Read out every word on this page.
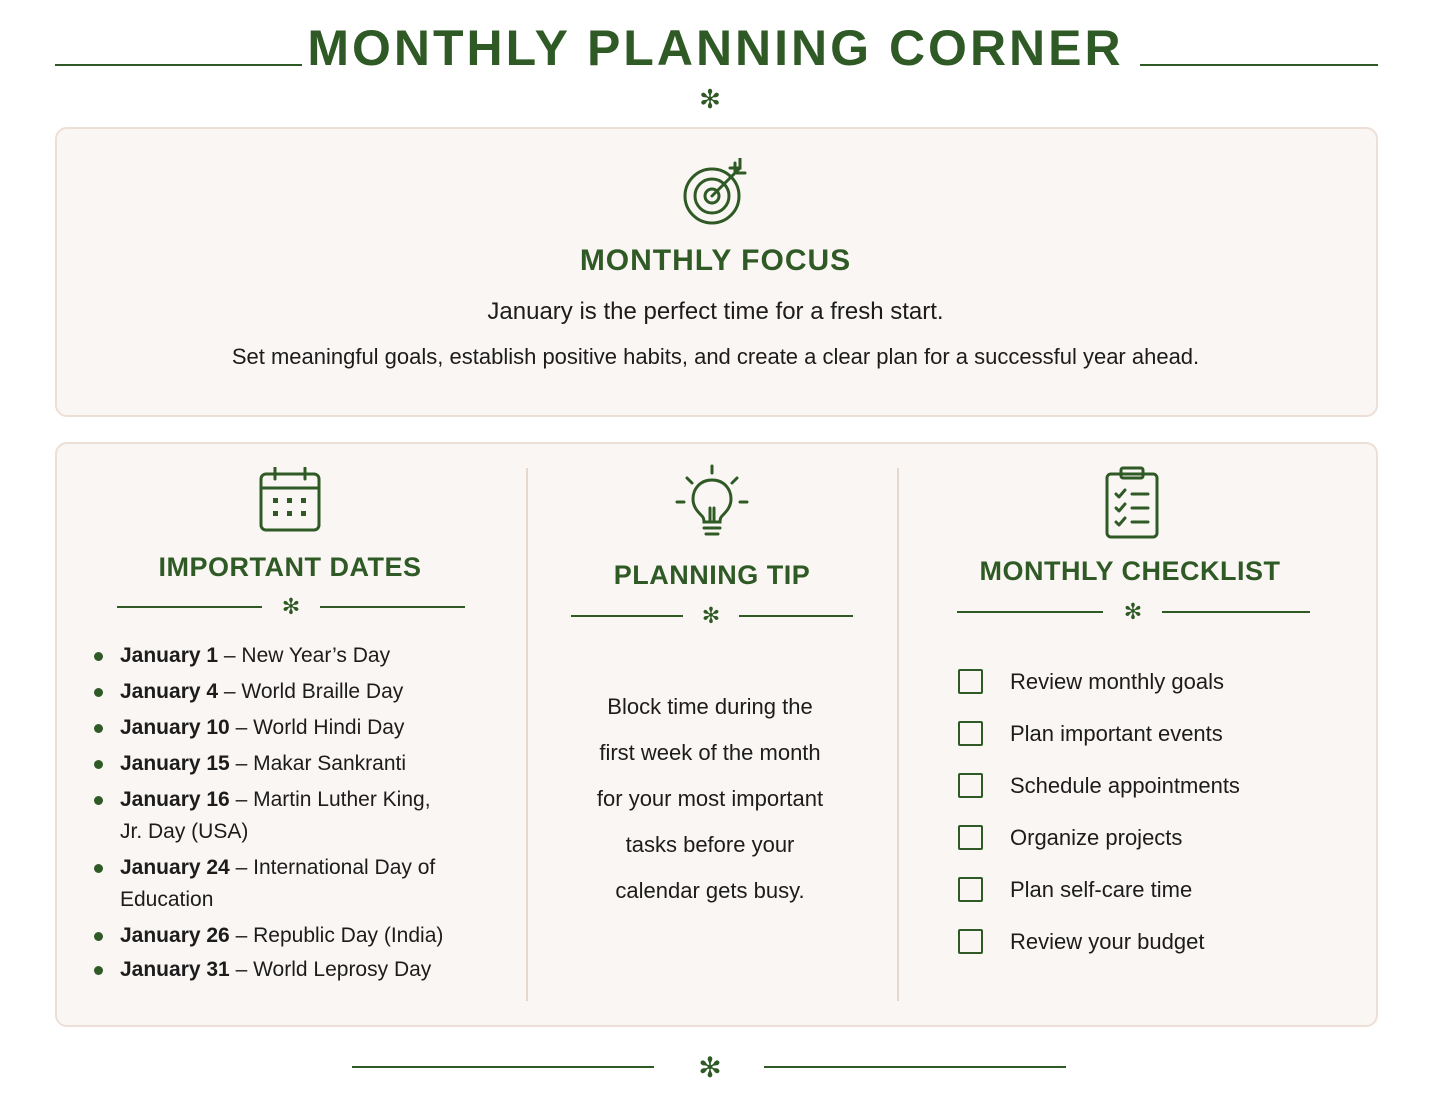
MONTHLY PLANNING CORNER
✻
MONTHLY FOCUS
January is the perfect time for a fresh start.
Set meaningful goals, establish positive habits, and create a clear plan for a successful year ahead.
IMPORTANT DATES
✻
January 1 – New Year’s Day
January 4 – World Braille Day
January 10 – World Hindi Day
January 15 – Makar Sankranti
January 16 – Martin Luther King, Jr. Day (USA)
January 24 – International Day of Education
January 26 – Republic Day (India)
January 31 – World Leprosy Day
PLANNING TIP
✻
Block time during the
first week of the month
for your most important
tasks before your
calendar gets busy.
MONTHLY CHECKLIST
✻
Review monthly goals
Plan important events
Schedule appointments
Organize projects
Plan self-care time
Review your budget
✻
